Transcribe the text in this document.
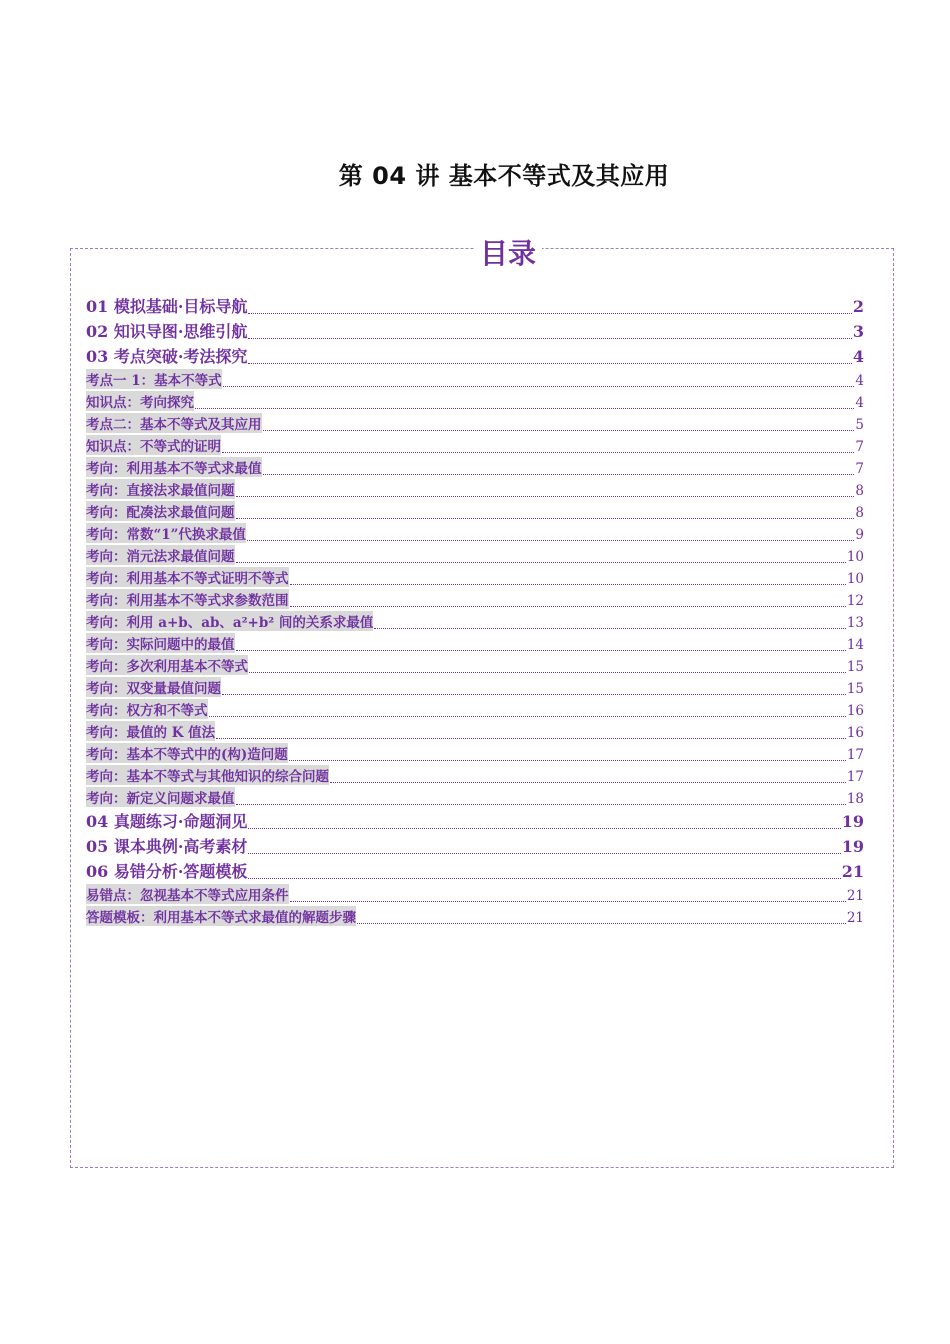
第 04 讲 基本不等式及其应用
目录
01 模拟基础·目标导航	2
02 知识导图·思维引航	3
03 考点突破·考法探究	4
考点一 1：基本不等式	4
知识点：考向探究	4
考点二：基本不等式及其应用	5
知识点：不等式的证明	7
考向：利用基本不等式求最值	7
考向：直接法求最值问题	8
考向：配凑法求最值问题	8
考向：常数“1”代换求最值	9
考向：消元法求最值问题	10
考向：利用基本不等式证明不等式	10
考向：利用基本不等式求参数范围	12
考向：利用 a+b、ab、a²+b² 间的关系求最值	13
考向：实际问题中的最值	14
考向：多次利用基本不等式	15
考向：双变量最值问题	15
考向：权方和不等式	16
考向：最值的 K 值法	16
考向：基本不等式中的(构)造问题	17
考向：基本不等式与其他知识的综合问题	17
考向：新定义问题求最值	18
04 真题练习·命题洞见	19
05 课本典例·高考素材	19
06 易错分析·答题模板	21
易错点：忽视基本不等式应用条件	21
答题模板：利用基本不等式求最值的解题步骤	21
